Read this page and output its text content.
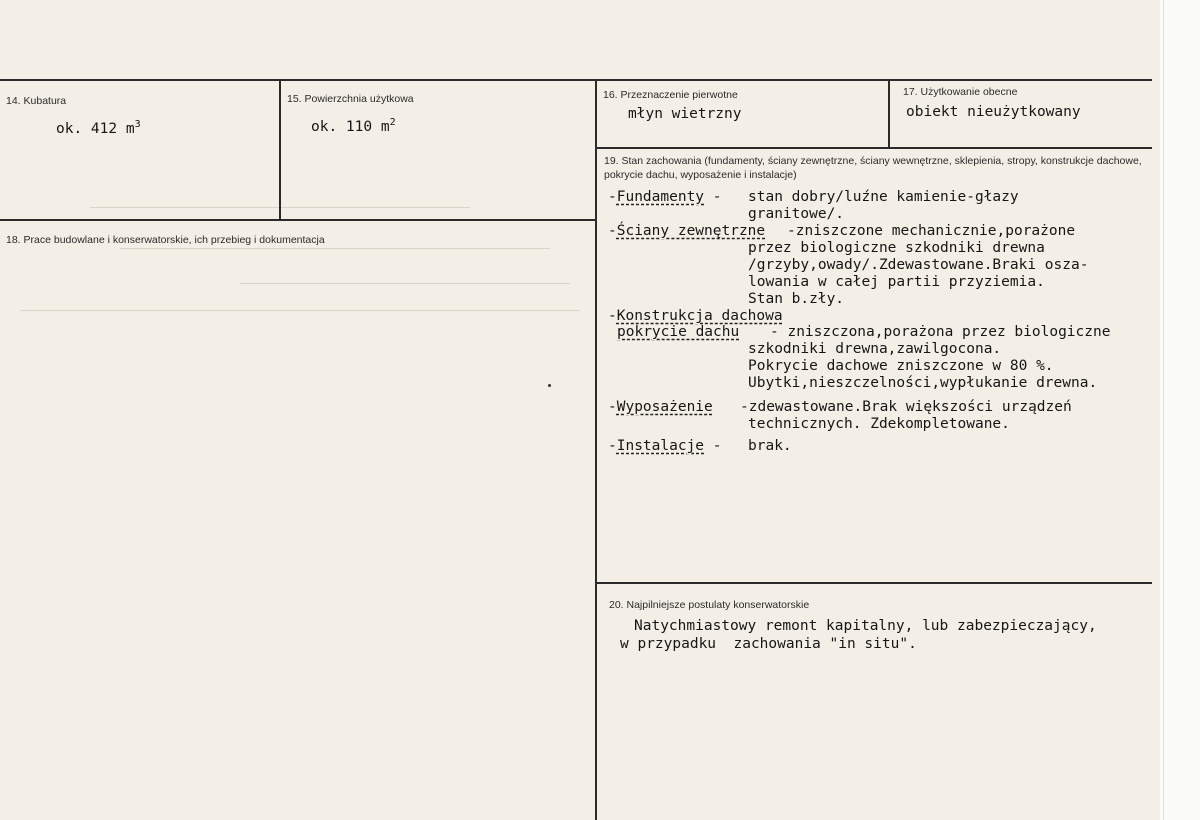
14. Kubatura
ok. 412 $m^3$
15. Powierzchnia użytkowa
ok. 110 $m^2$
16. Przeznaczenie pierwotne
młyn wietrzny
17. Użytkowanie obecne
obiekt nieużytkowany
18. Prace budowlane i konserwatorskie, ich przebieg i dokumentacja
19. Stan zachowania (fundamenty, ściany zewnętrzne, ściany wewnętrzne, sklepienia, stropy, konstrukcje dachowe, pokrycie dachu, wyposażenie i instalacje)
-Fundamenty - stan dobry/luźne kamienie-głazy
granitowe/.
-Ściany zewnętrzne -zniszczone mechanicznie,porażone
przez biologiczne szkodniki drewna
/grzyby,owady/.Zdewastowane.Braki osza-
lowania w całej partii przyziemia.
Stan b.zły.
-Konstrukcja dachowa
pokrycie dachu - zniszczona,porażona przez biologiczne
szkodniki drewna,zawilgocona.
Pokrycie dachowe zniszczone w 80 %.
Ubytki,nieszczelności,wypłukanie drewna.
-Wyposażenie	-zdewastowane.Brak większości urządzeń
technicznych. Zdekompletowane.
-Instalacje - brak.
20. Najpilniejsze postulaty konserwatorskie
Natychmiastowy remont kapitalny, lub zabezpieczający,
w przypadku  zachowania "in situ".
